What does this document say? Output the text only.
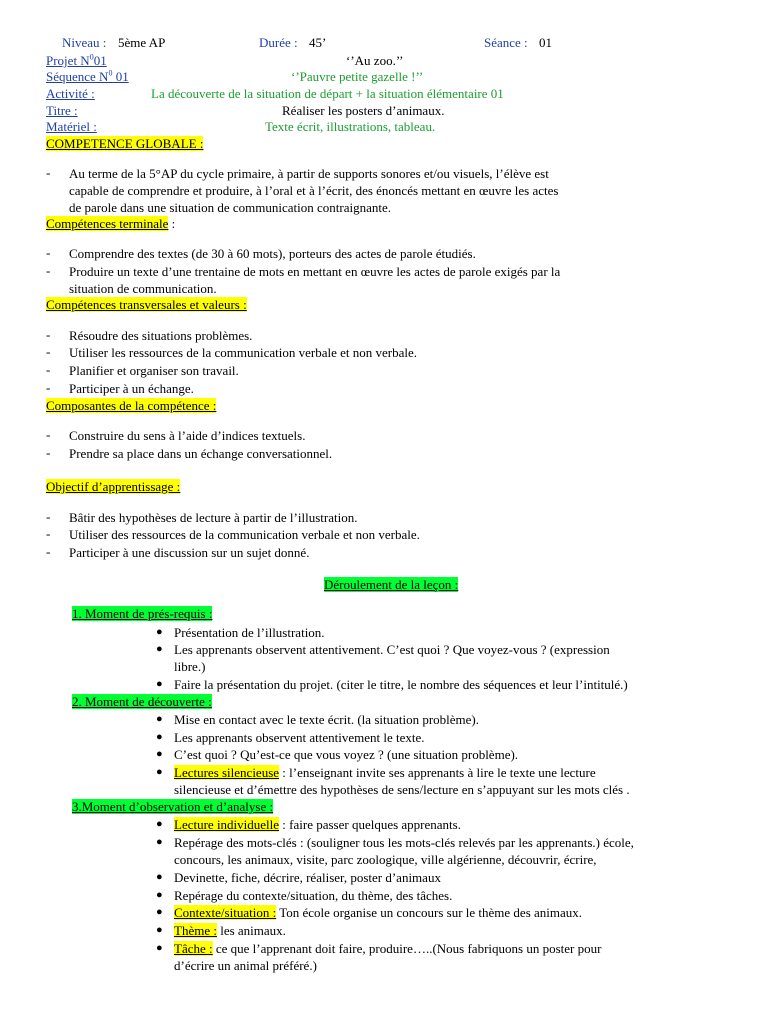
Niveau : 5ème AP	Durée : 45’	Séance : 01
Projet $N^001$	‘’Au zoo.’’
Séquence $N^0$ 01	‘’Pauvre petite gazelle !’’
Activité :	La découverte de la situation de départ + la situation élémentaire 01
Titre :	Réaliser les posters d’animaux.
Matériel :	Texte écrit, illustrations, tableau.
COMPETENCE GLOBALE :
- Au terme de la 5°AP du cycle primaire, à partir de supports sonores et/ou visuels, l’élève est
capable de comprendre et produire, à l’oral et à l’écrit, des énoncés mettant en œuvre les actes
de parole dans une situation de communication contraignante.
Compétences terminale :
- Comprendre des textes (de 30 à 60 mots), porteurs des actes de parole étudiés.
- Produire un texte d’une trentaine de mots en mettant en œuvre les actes de parole exigés par la
situation de communication.
Compétences transversales et valeurs :
- Résoudre des situations problèmes.
- Utiliser les ressources de la communication verbale et non verbale.
- Planifier et organiser son travail.
- Participer à un échange.
Composantes de la compétence :
- Construire du sens à l’aide d’indices textuels.
- Prendre sa place dans un échange conversationnel.
Objectif d’apprentissage :
- Bâtir des hypothèses de lecture à partir de l’illustration.
- Utiliser des ressources de la communication verbale et non verbale.
- Participer à une discussion sur un sujet donné.
Déroulement de la leçon :
1. Moment de prés-requis :
● Présentation de l’illustration.
● Les apprenants observent attentivement. C’est quoi ? Que voyez-vous ? (expression
libre.)
● Faire la présentation du projet. (citer le titre, le nombre des séquences et leur l’intitulé.)
2. Moment de découverte :
● Mise en contact avec le texte écrit. (la situation problème).
● Les apprenants observent attentivement le texte.
● C’est quoi ? Qu’est-ce que vous voyez ? (une situation problème).
● Lectures silencieuse : l’enseignant invite ses apprenants à lire le texte une lecture
silencieuse et d’émettre des hypothèses de sens/lecture en s’appuyant sur les mots clés .
3.Moment d’observation et d’analyse :
● Lecture individuelle : faire passer quelques apprenants.
● Repérage des mots-clés : (souligner tous les mots-clés relevés par les apprenants.) école,
concours, les animaux, visite, parc zoologique, ville algérienne, découvrir, écrire,
● Devinette, fiche, décrire, réaliser, poster d’animaux
● Repérage du contexte/situation, du thème, des tâches.
● Contexte/situation : Ton école organise un concours sur le thème des animaux.
● Thème : les animaux.
● Tâche : ce que l’apprenant doit faire, produire…..(Nous fabriquons un poster pour
d’écrire un animal préféré.)
